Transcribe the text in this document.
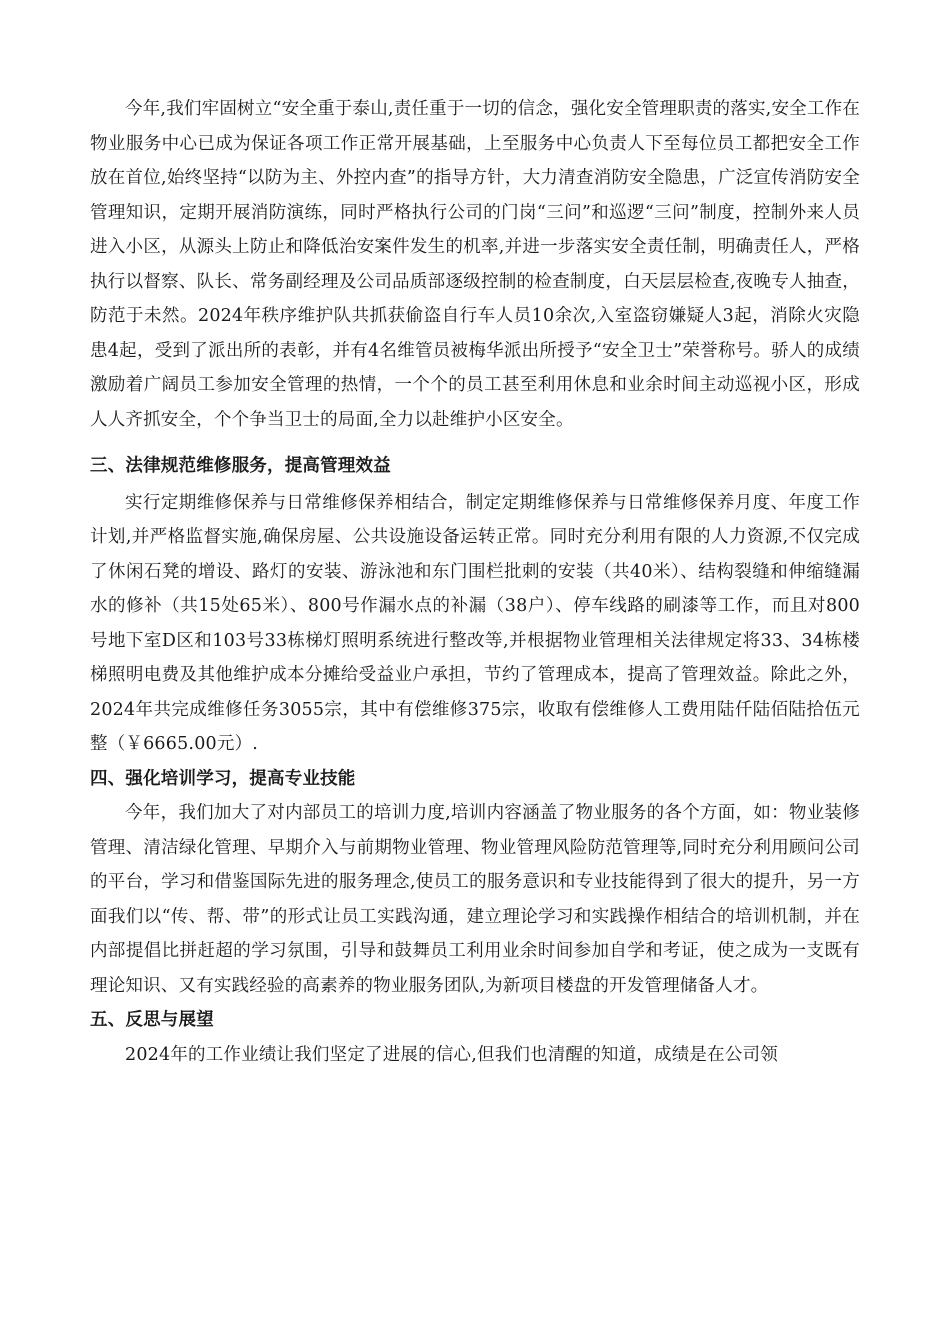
今年,我们牢固树立“安全重于泰山,责任重于一切的信念，强化安全管理职责的落实,安全工作在物业服务中心已成为保证各项工作正常开展基础，上至服务中心负责人下至每位员工都把安全工作放在首位,始终坚持“以防为主、外控内查”的指导方针，大力清查消防安全隐患，广泛宣传消防安全管理知识，定期开展消防演练，同时严格执行公司的门岗“三问”和巡逻“三问”制度，控制外来人员进入小区，从源头上防止和降低治安案件发生的机率,并进一步落实安全责任制，明确责任人，严格执行以督察、队长、常务副经理及公司品质部逐级控制的检查制度，白天层层检查,夜晚专人抽查，防范于未然。2024年秩序维护队共抓获偷盗自行车人员10余次,入室盗窃嫌疑人3起，消除火灾隐患4起，受到了派出所的表彰，并有4名维管员被梅华派出所授予“安全卫士”荣誉称号。骄人的成绩激励着广阔员工参加安全管理的热情，一个个的员工甚至利用休息和业余时间主动巡视小区，形成人人齐抓安全，个个争当卫士的局面,全力以赴维护小区安全。

三、法律规范维修服务，提高管理效益

实行定期维修保养与日常维修保养相结合，制定定期维修保养与日常维修保养月度、年度工作计划,并严格监督实施,确保房屋、公共设施设备运转正常。同时充分利用有限的人力资源,不仅完成了休闲石凳的增设、路灯的安装、游泳池和东门围栏批刺的安装（共40米）、结构裂缝和伸缩缝漏水的修补（共15处65米）、800号作漏水点的补漏（38户）、停车线路的刷漆等工作，而且对800号地下室D区和103号33栋梯灯照明系统进行整改等,并根据物业管理相关法律规定将33、34栋楼梯照明电费及其他维护成本分摊给受益业户承担，节约了管理成本，提高了管理效益。除此之外，2024年共完成维修任务3055宗，其中有偿维修375宗，收取有偿维修人工费用陆仟陆佰陆拾伍元整（￥6665.00元）.

四、强化培训学习，提高专业技能

今年，我们加大了对内部员工的培训力度,培训内容涵盖了物业服务的各个方面，如：物业装修管理、清洁绿化管理、早期介入与前期物业管理、物业管理风险防范管理等,同时充分利用顾问公司的平台，学习和借鉴国际先进的服务理念,使员工的服务意识和专业技能得到了很大的提升，另一方面我们以“传、帮、带”的形式让员工实践沟通，建立理论学习和实践操作相结合的培训机制，并在内部提倡比拼赶超的学习氛围，引导和鼓舞员工利用业余时间参加自学和考证，使之成为一支既有理论知识、又有实践经验的高素养的物业服务团队,为新项目楼盘的开发管理储备人才。

五、反思与展望

2024年的工作业绩让我们坚定了进展的信心,但我们也清醒的知道，成绩是在公司领
